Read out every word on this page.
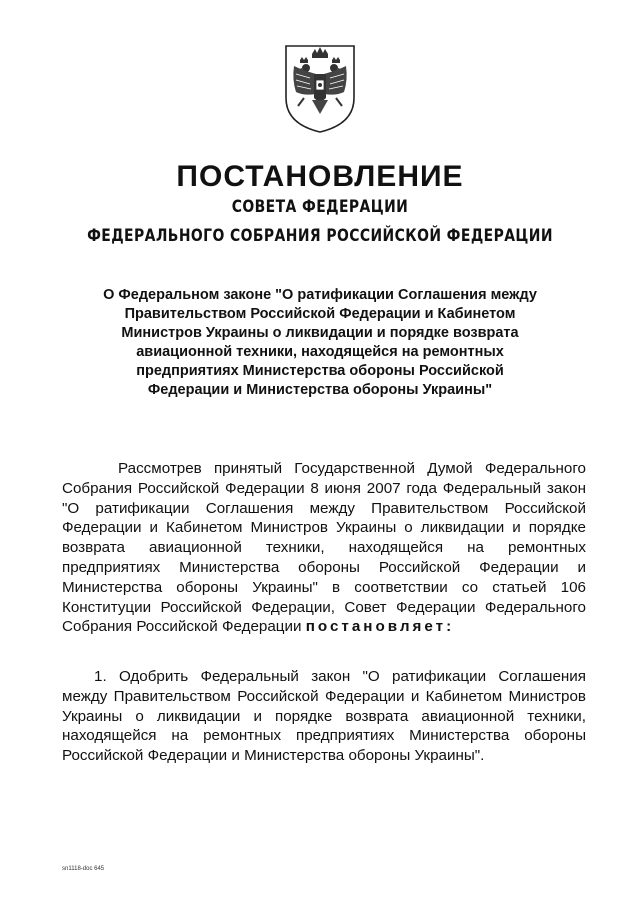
ПОСТАНОВЛЕНИЕ
СОВЕТА ФЕДЕРАЦИИ
ФЕДЕРАЛЬНОГО СОБРАНИЯ РОССИЙСКОЙ ФЕДЕРАЦИИ
О Федеральном законе "О ратификации Соглашения между Правительством Российской Федерации и Кабинетом Министров Украины о ликвидации и порядке возврата авиационной техники, находящейся на ремонтных предприятиях Министерства обороны Российской Федерации и Министерства обороны Украины"
Рассмотрев принятый Государственной Думой Федерального Собрания Российской Федерации 8 июня 2007 года Федеральный закон "О ратификации Соглашения между Правительством Российской Федерации и Кабинетом Министров Украины о ликвидации и порядке возврата авиационной техники, находящейся на ремонтных предприятиях Министерства обороны Российской Федерации и Министерства обороны Украины" в соответствии со статьей 106 Конституции Российской Федерации, Совет Федерации Федерального Собрания Российской Федерации постановляет:
1. Одобрить Федеральный закон "О ратификации Соглашения между Правительством Российской Федерации и Кабинетом Министров Украины о ликвидации и порядке возврата авиационной техники, находящейся на ремонтных предприятиях Министерства обороны Российской Федерации и Министерства обороны Украины".
sn1118-doc 645
